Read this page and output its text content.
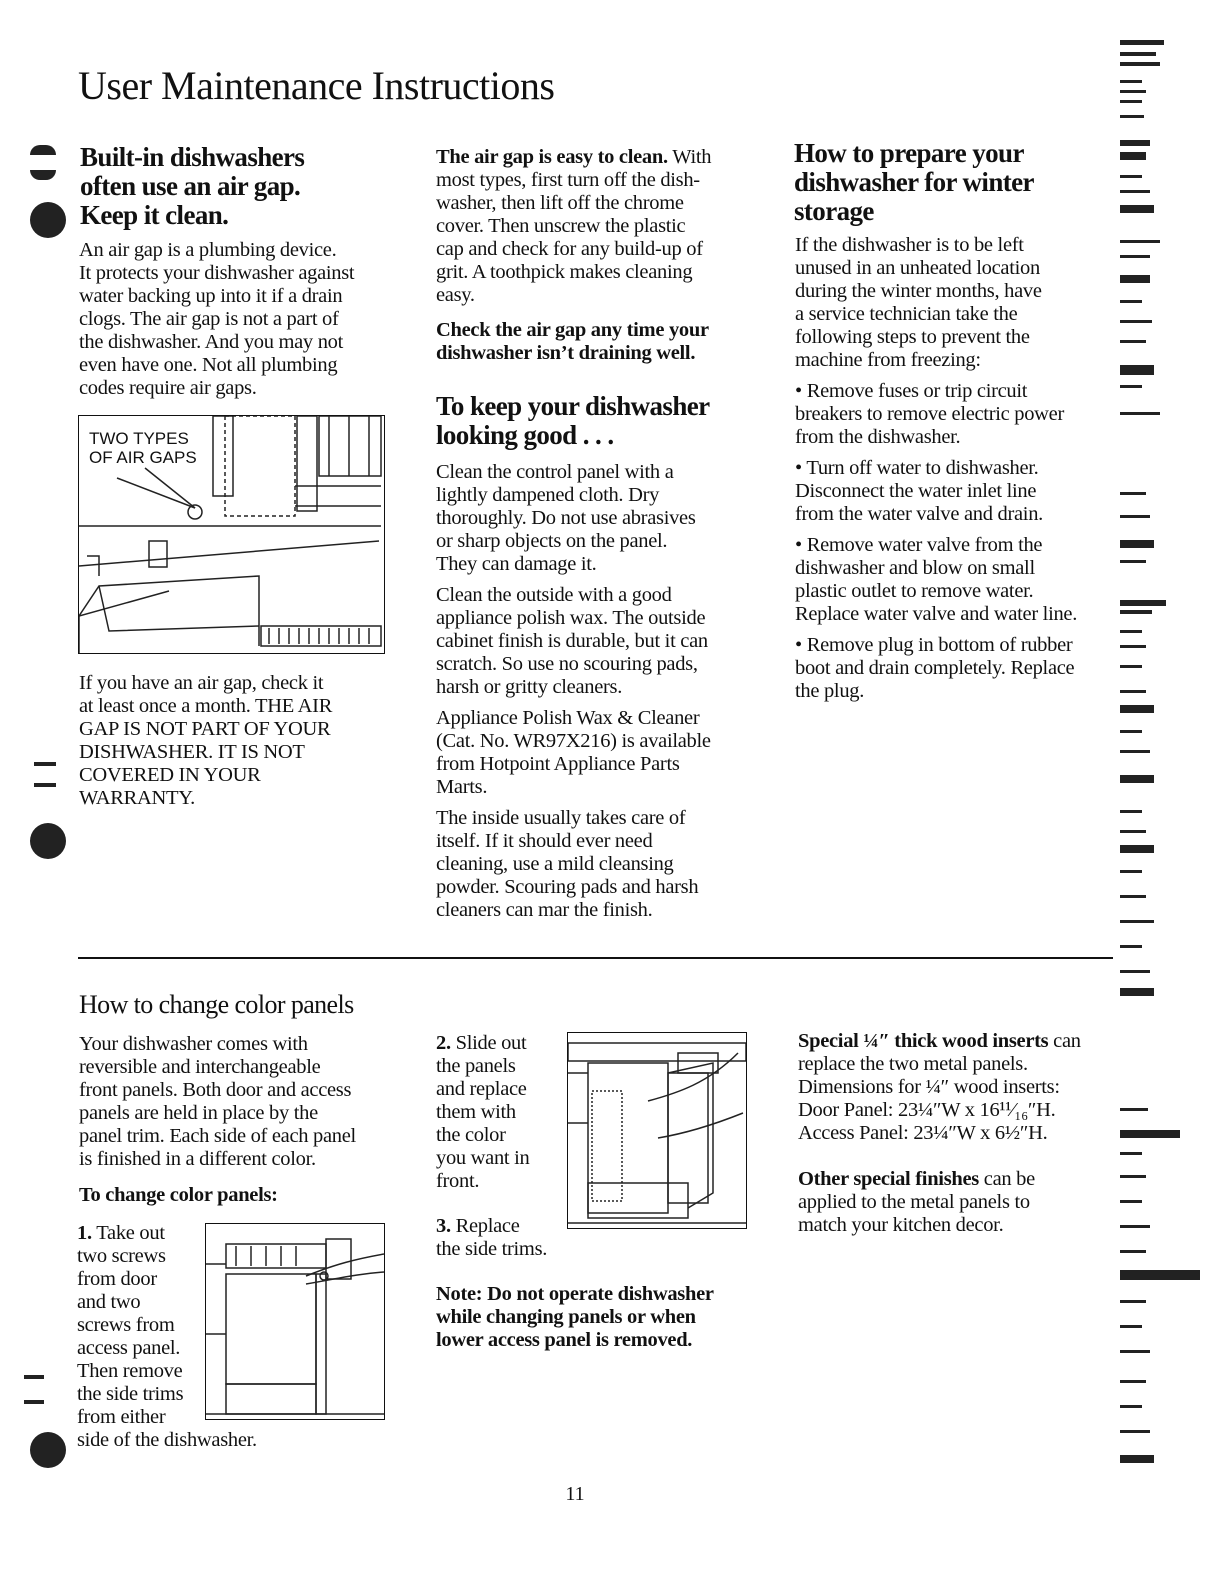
User Maintenance Instructions
Built-in dishwashers
often use an air gap.
Keep it clean.

An air gap is a plumbing device.

It protects your dishwasher against

water backing up into it if a drain

clogs. The air gap is not a part of

the dishwasher. And you may not

even have one. Not all plumbing

codes require air gaps.

TWO TYPES
OF AIR GAPS

If you have an air gap, check it

at least once a month. THE AIR

GAP IS NOT PART OF YOUR

DISHWASHER. IT IS NOT

COVERED IN YOUR

WARRANTY.

The air gap is easy to clean. With

most types, first turn off the dish-

washer, then lift off the chrome

cover. Then unscrew the plastic

cap and check for any build-up of

grit. A toothpick makes cleaning

easy.

Check the air gap any time your

dishwasher isn’t draining well.

To keep your dishwasher
looking good . . .

Clean the control panel with a

lightly dampened cloth. Dry

thoroughly. Do not use abrasives

or sharp objects on the panel.

They can damage it.

Clean the outside with a good

appliance polish wax. The outside

cabinet finish is durable, but it can

scratch. So use no scouring pads,

harsh or gritty cleaners.

Appliance Polish Wax & Cleaner

(Cat. No. WR97X216) is available

from Hotpoint Appliance Parts

Marts.

The inside usually takes care of

itself. If it should ever need

cleaning, use a mild cleansing

powder. Scouring pads and harsh

cleaners can mar the finish.

How to prepare your
dishwasher for winter
storage

If the dishwasher is to be left

unused in an unheated location

during the winter months, have

a service technician take the

following steps to prevent the

machine from freezing:

• Remove fuses or trip circuit

breakers to remove electric power

from the dishwasher.

• Turn off water to dishwasher.

Disconnect the water inlet line

from the water valve and drain.

• Remove water valve from the

dishwasher and blow on small

plastic outlet to remove water.

Replace water valve and water line.

• Remove plug in bottom of rubber

boot and drain completely. Replace

the plug.

How to change color panels

Your dishwasher comes with

reversible and interchangeable

front panels. Both door and access

panels are held in place by the

panel trim. Each side of each panel

is finished in a different color.

To change color panels:

1. Take out

two screws

from door

and two

screws from

access panel.

Then remove

the side trims

from either

side of the dishwasher.

2. Slide out

the panels

and replace

them with

the color

you want in

front.

3. Replace

the side trims.

Note: Do not operate dishwasher

while changing panels or when

lower access panel is removed.

Special ¼″ thick wood inserts can

replace the two metal panels.

Dimensions for ¼″ wood inserts:

Door Panel: 23¼″W x 16¹¹⁄₁₆″H.

Access Panel: 23¼″W x 6½″H.

Other special finishes can be

applied to the metal panels to

match your kitchen decor.

11
